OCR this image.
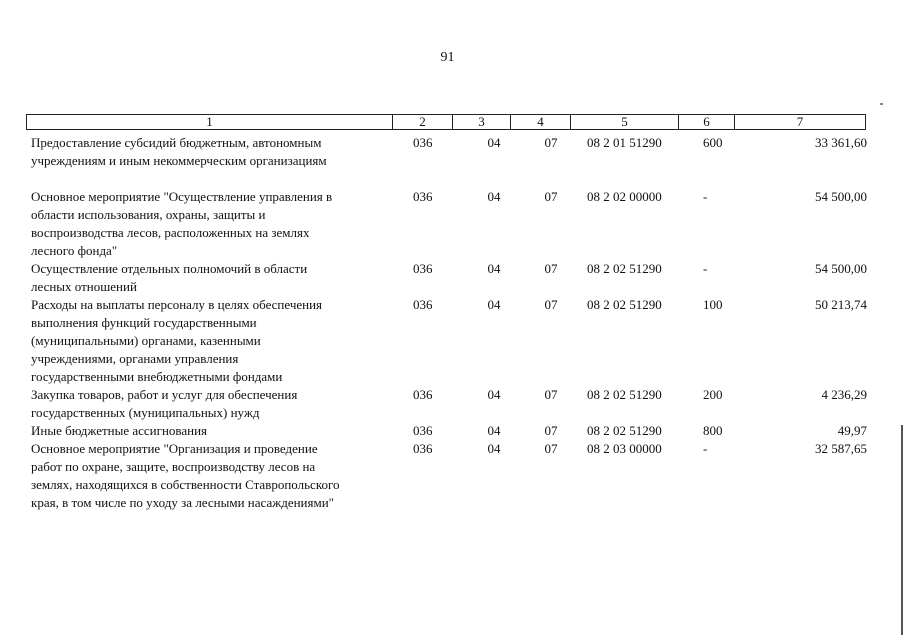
91
1	2	3	4	5	6	7
Предоставление субсидий бюджетным, автономным
учреждениям и иным некоммерческим организациям
036	04	07	08 2 01 51290	600	33 361,60
Основное мероприятие "Осуществление управления в
области использования, охраны, защиты и
воспроизводства лесов, расположенных на землях
лесного фонда"
036	04	07	08 2 02 00000	-	54 500,00
Осуществление отдельных полномочий в области
лесных отношений
036	04	07	08 2 02 51290	-	54 500,00
Расходы на выплаты персоналу в целях обеспечения
выполнения функций государственными
(муниципальными) органами, казенными
учреждениями, органами управления
государственными внебюджетными фондами
036	04	07	08 2 02 51290	100	50 213,74
Закупка товаров, работ и услуг для обеспечения
государственных (муниципальных) нужд
036	04	07	08 2 02 51290	200	4 236,29
Иные бюджетные ассигнования	036	04	07	08 2 02 51290	800	49,97
Основное мероприятие "Организация и проведение
работ по охране, защите, воспроизводству лесов на
землях, находящихся в собственности Ставропольского
края, в том числе по уходу за лесными насаждениями"
036	04	07	08 2 03 00000	-	32 587,65
